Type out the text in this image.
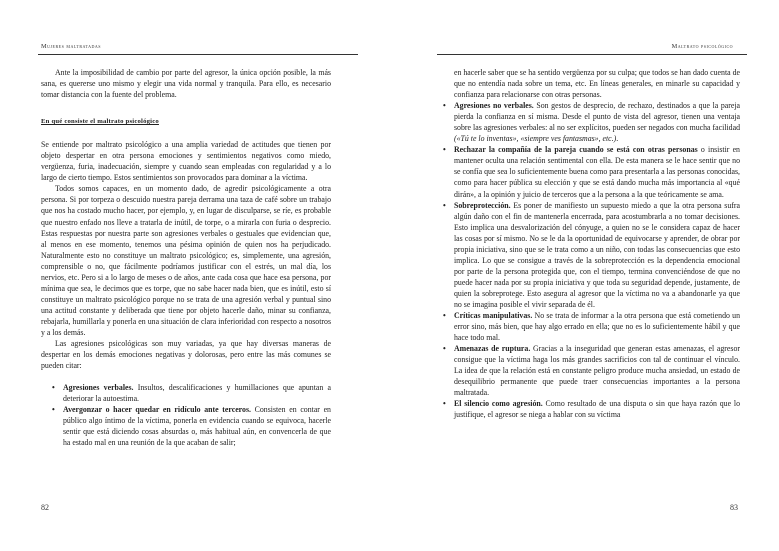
Mujeres maltratadas

Ante la imposibilidad de cambio por parte del agresor, la única opción posible, la más sana, es quererse uno mismo y elegir una vida normal y tranquila. Para ello, es necesario tomar distancia con la fuente del problema.

En qué consiste el maltrato psicológico

Se entiende por maltrato psicológico a una amplia variedad de actitudes que tienen por objeto despertar en otra persona emociones y sentimientos negativos como miedo, vergüenza, furia, inadecuación, siempre y cuando sean empleadas con regularidad y a lo largo de cierto tiempo. Estos sentimientos son provocados para dominar a la víctima.

Todos somos capaces, en un momento dado, de agredir psicológicamente a otra persona. Si por torpeza o descuido nuestra pareja derrama una taza de café sobre un trabajo que nos ha costado mucho hacer, por ejemplo, y, en lugar de disculparse, se ríe, es probable que nuestro enfado nos lleve a tratarla de inútil, de torpe, o a mirarla con furia o desprecio. Estas respuestas por nuestra parte son agresiones verbales o gestuales que evidencian que, al menos en ese momento, tenemos una pésima opinión de quien nos ha perjudicado. Naturalmente esto no constituye un maltrato psicológico; es, simplemente, una agresión, comprensible o no, que fácilmente podríamos justificar con el estrés, un mal día, los nervios, etc. Pero si a lo largo de meses o de años, ante cada cosa que hace esa persona, por mínima que sea, le decimos que es torpe, que no sabe hacer nada bien, que es inútil, esto sí constituye un maltrato psicológico porque no se trata de una agresión verbal y puntual sino una actitud constante y deliberada que tiene por objeto hacerle daño, minar su confianza, rebajarla, humillarla y ponerla en una situación de clara inferioridad con respecto a nosotros y a los demás.

Las agresiones psicológicas son muy variadas, ya que hay diversas maneras de despertar en los demás emociones negativas y dolorosas, pero entre las más comunes se pueden citar:

• Agresiones verbales. Insultos, descalificaciones y humillaciones que apuntan a deteriorar la autoestima.
• Avergonzar o hacer quedar en ridículo ante terceros. Consisten en contar en público algo íntimo de la víctima, ponerla en evidencia cuando se equivoca, hacerle sentir que está diciendo cosas absurdas o, más habitual aún, en convencerla de que ha estado mal en una reunión de la que acaban de salir;
82
Maltrato psicológico

en hacerle saber que se ha sentido vergüenza por su culpa; que todos se han dado cuenta de que no entendía nada sobre un tema, etc. En líneas generales, en minarle su capacidad y confianza para relacionarse con otras personas.

• Agresiones no verbales. Son gestos de desprecio, de rechazo, destinados a que la pareja pierda la confianza en sí misma. Desde el punto de vista del agresor, tienen una ventaja sobre las agresiones verbales: al no ser explícitos, pueden ser negados con mucha facilidad («Tú te lo inventas», «siempre ves fantasmas», etc.).
• Rechazar la compañía de la pareja cuando se está con otras personas o insistir en mantener oculta una relación sentimental con ella. De esta manera se le hace sentir que no se confía que sea lo suficientemente buena como para presentarla a las personas conocidas, como para hacer pública su elección y que se está dando mucha más importancia al «qué dirán», a la opinión y juicio de terceros que a la persona a la que teóricamente se ama.
• Sobreprotección. Es poner de manifiesto un supuesto miedo a que la otra persona sufra algún daño con el fin de mantenerla encerrada, para acostumbrarla a no tomar decisiones. Esto implica una desvalorización del cónyuge, a quien no se le considera capaz de hacer las cosas por sí mismo. No se le da la oportunidad de equivocarse y aprender, de obrar por propia iniciativa, sino que se le trata como a un niño, con todas las consecuencias que esto implica. Lo que se consigue a través de la sobreprotección es la dependencia emocional por parte de la persona protegida que, con el tiempo, termina convenciéndose de que no puede hacer nada por su propia iniciativa y que toda su seguridad depende, justamente, de quien la sobreprotege. Esto asegura al agresor que la víctima no va a abandonarle ya que no se imagina posible el vivir separada de él.
• Críticas manipulativas. No se trata de informar a la otra persona que está cometiendo un error sino, más bien, que hay algo errado en ella; que no es lo suficientemente hábil y que hace todo mal.
• Amenazas de ruptura. Gracias a la inseguridad que generan estas amenazas, el agresor consigue que la víctima haga los más grandes sacrificios con tal de continuar el vínculo. La idea de que la relación está en constante peligro produce mucha ansiedad, un estado de desequilibrio permanente que puede traer consecuencias importantes a la persona maltratada.
• El silencio como agresión. Como resultado de una disputa o sin que haya razón que lo justifique, el agresor se niega a hablar con su víctima
83
